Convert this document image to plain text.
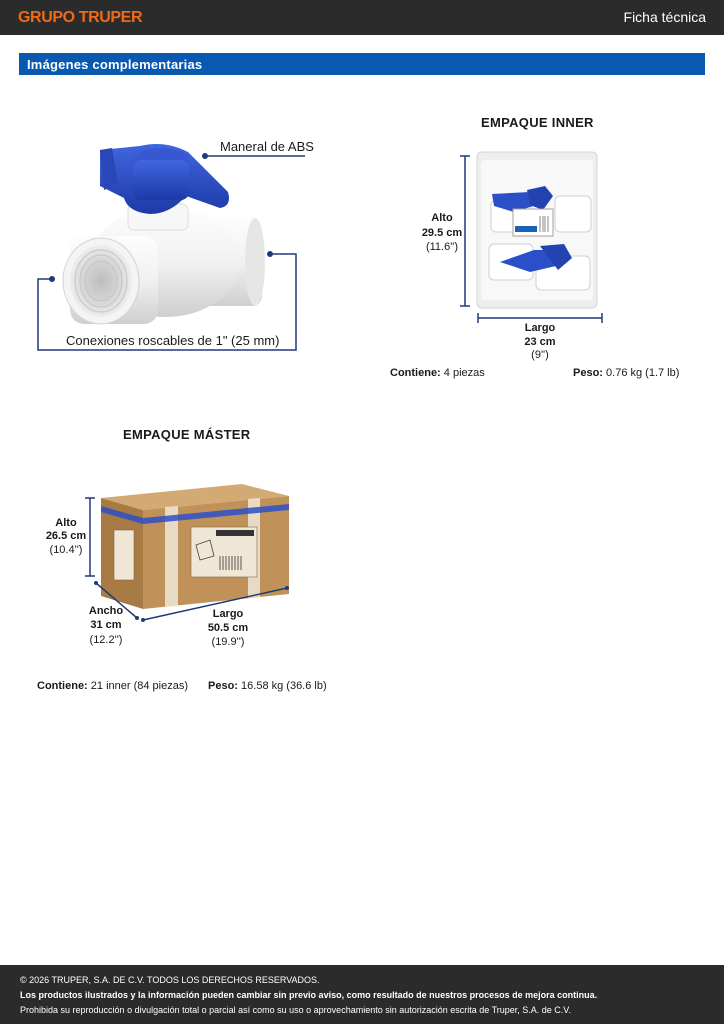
GRUPO TRUPER	Ficha técnica
Imágenes complementarias
Maneral de ABS
Conexiones roscables de 1" (25 mm)
EMPAQUE INNER
Alto
29.5 cm
(11.6'')
Largo
23 cm
(9'')
Contiene: 4 piezas	Peso: 0.76 kg (1.7 lb)
EMPAQUE MÁSTER
Alto
26.5 cm
(10.4'')
Ancho
31 cm
(12.2'')
Largo
50.5 cm
(19.9'')
Contiene: 21 inner (84 piezas) Peso: 16.58 kg (36.6 lb)
© 2026 TRUPER, S.A. DE C.V. TODOS LOS DERECHOS RESERVADOS.
Los productos ilustrados y la información pueden cambiar sin previo aviso, como resultado de nuestros procesos de mejora continua.
Prohibida su reproducción o divulgación total o parcial así como su uso o aprovechamiento sin autorización escrita de Truper, S.A. de C.V.
